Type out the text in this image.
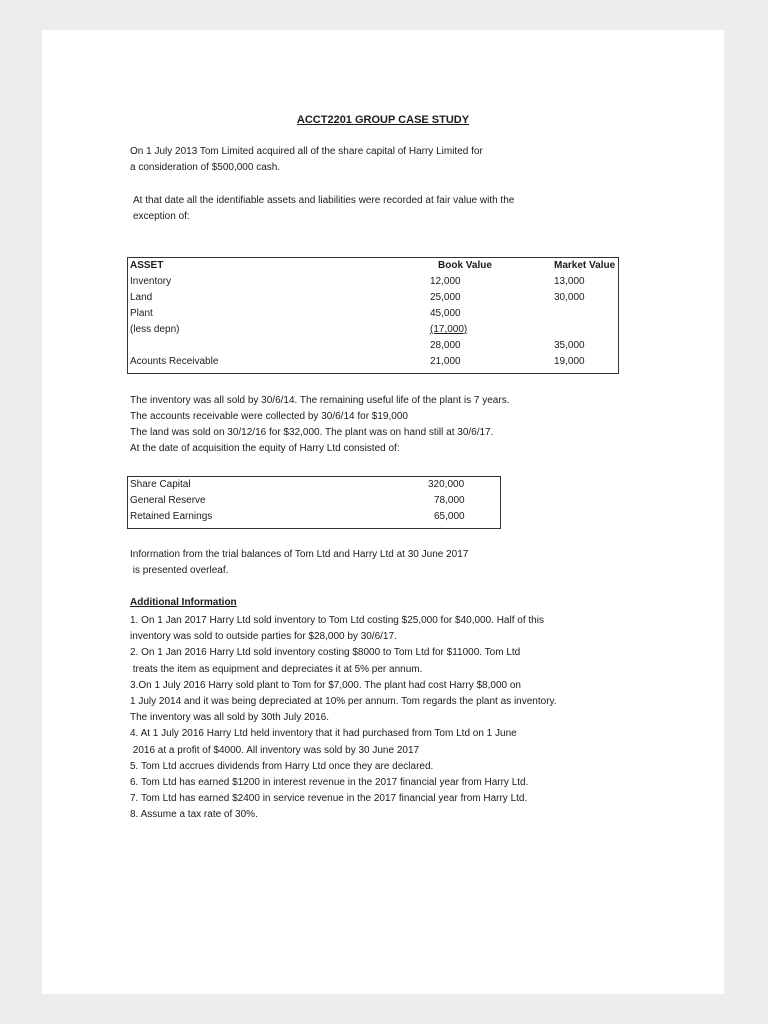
ACCT2201 GROUP CASE STUDY
On 1 July 2013 Tom Limited acquired all of the share capital of Harry Limited for
a consideration of $500,000 cash.
At that date all the identifiable assets and liabilities were recorded at fair value with the
exception of:
ASSET	Book Value	Market Value
Inventory	12,000	13,000
Land	25,000	30,000
Plant	45,000	
(less depn)	(17,000)	
	28,000	35,000
Acounts Receivable	21,000	19,000
The inventory was all sold by 30/6/14. The remaining useful life of the plant is 7 years.
The accounts receivable were collected by 30/6/14 for $19,000
The land was sold on 30/12/16 for $32,000. The plant was on hand still at 30/6/17.
At the date of acquisition the equity of Harry Ltd consisted of:
Share Capital	320,000
General Reserve	78,000
Retained Earnings	65,000
Information from the trial balances of Tom Ltd and Harry Ltd at 30 June 2017
is presented overleaf.
Additional Information
1. On 1 Jan 2017 Harry Ltd sold inventory to Tom Ltd costing $25,000 for $40,000. Half of this
inventory was sold to outside parties for $28,000 by 30/6/17.
2. On 1 Jan 2016 Harry Ltd sold inventory costing $8000 to Tom Ltd for $11000. Tom Ltd
treats the item as equipment and depreciates it at 5% per annum.
3.On 1 July 2016 Harry sold plant to Tom for $7,000. The plant had cost Harry $8,000 on
1 July 2014 and it was being depreciated at 10% per annum. Tom regards the plant as inventory.
The inventory was all sold by 30th July 2016.
4. At 1 July 2016 Harry Ltd held inventory that it had purchased from Tom Ltd on 1 June
2016 at a profit of $4000. All inventory was sold by 30 June 2017
5. Tom Ltd accrues dividends from Harry Ltd once they are declared.
6. Tom Ltd has earned $1200 in interest revenue in the 2017 financial year from Harry Ltd.
7. Tom Ltd has earned $2400 in service revenue in the 2017 financial year from Harry Ltd.
8. Assume a tax rate of 30%.
